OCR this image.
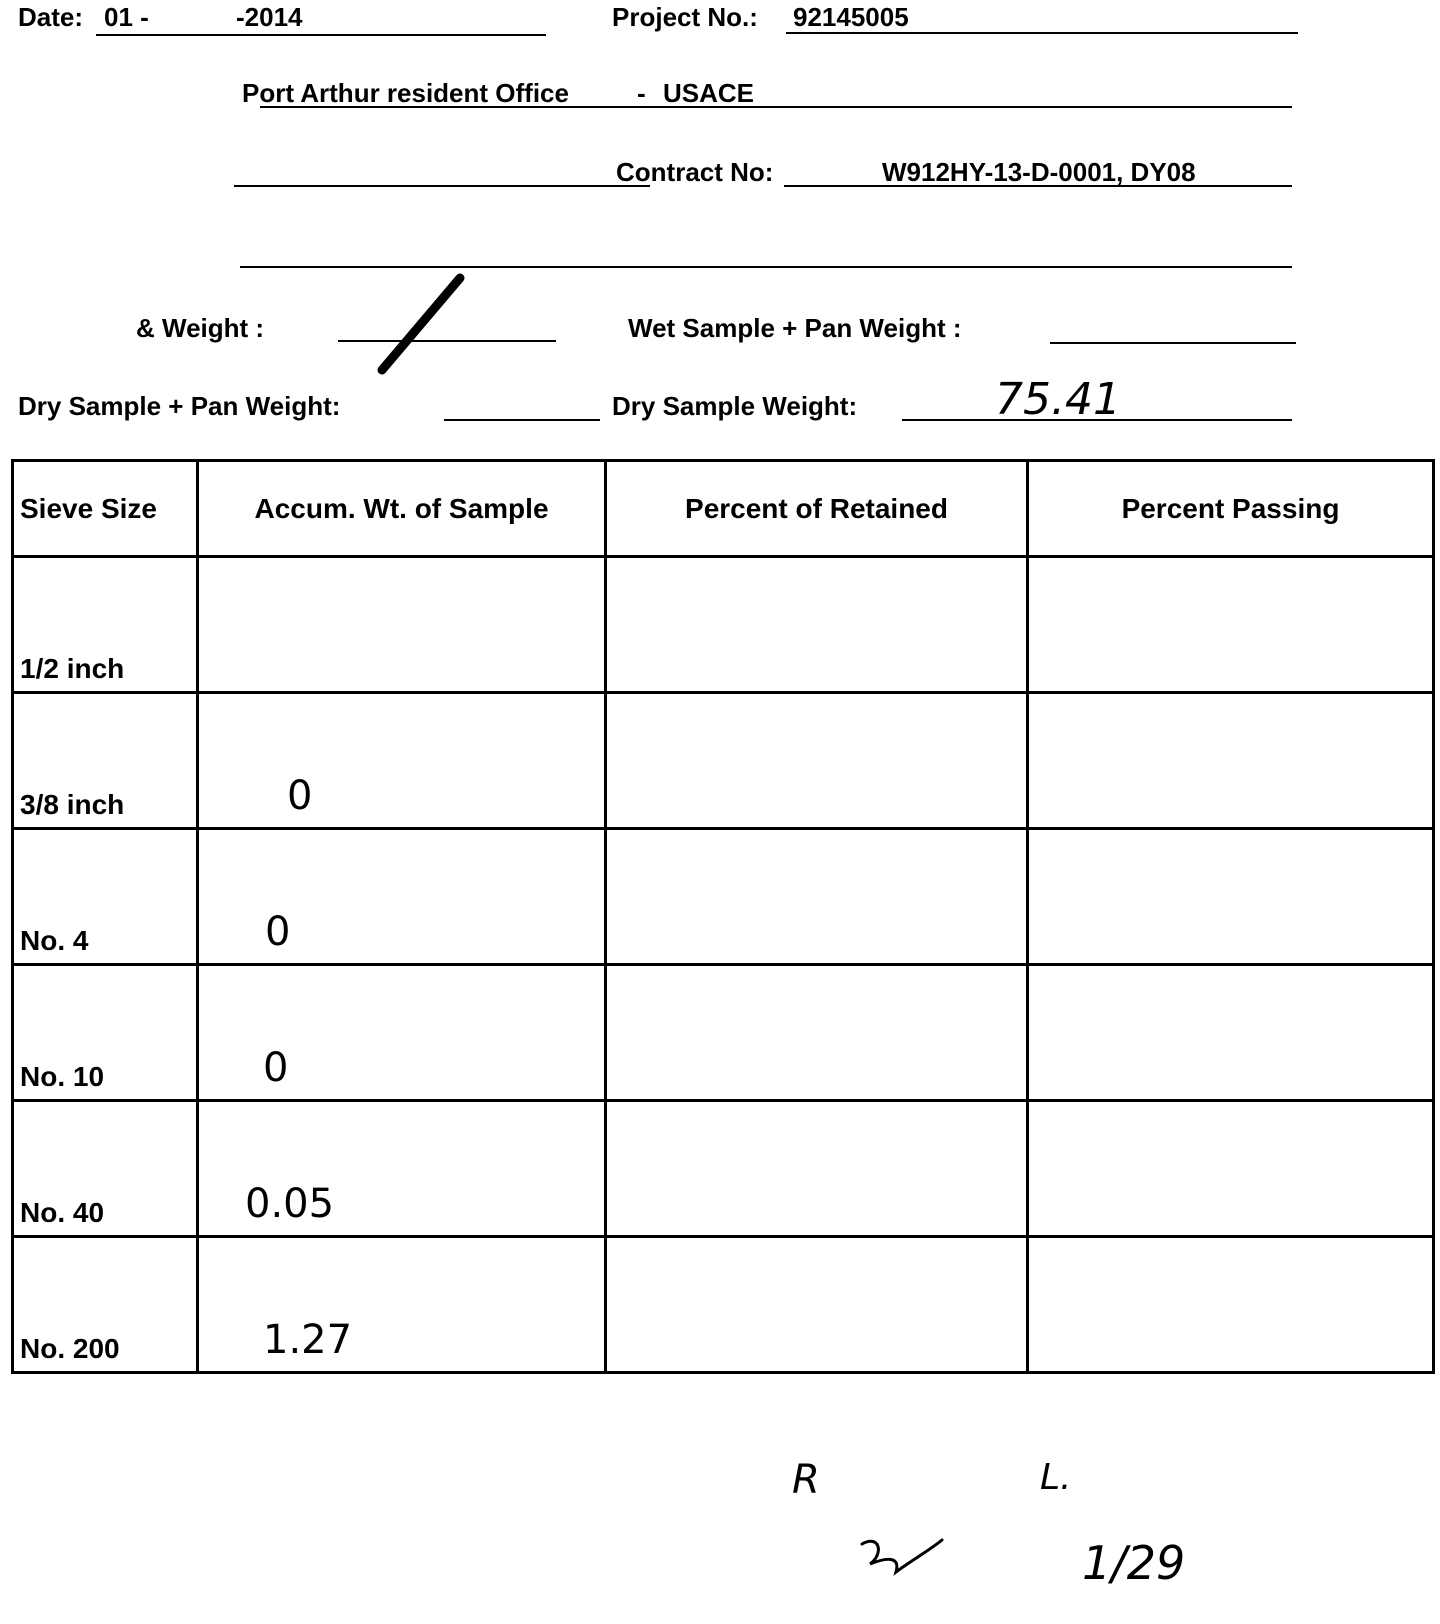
Date: 01 -	-2014	Project No.: 92145005
Port Arthur resident Office	- USACE
Contract No:	W912HY-13-D-0001, DY08
& Weight :	Wet Sample + Pan Weight :
Dry Sample + Pan Weight:	Dry Sample Weight:	75.41
Sieve Size	Accum. Wt. of Sample	Percent of Retained	Percent Passing
1/2 inch	

3/8 inch	0		

No. 4	0		

No. 10	0		

No. 40	0.05		

No. 200	1.27		

R	L.
1/29
